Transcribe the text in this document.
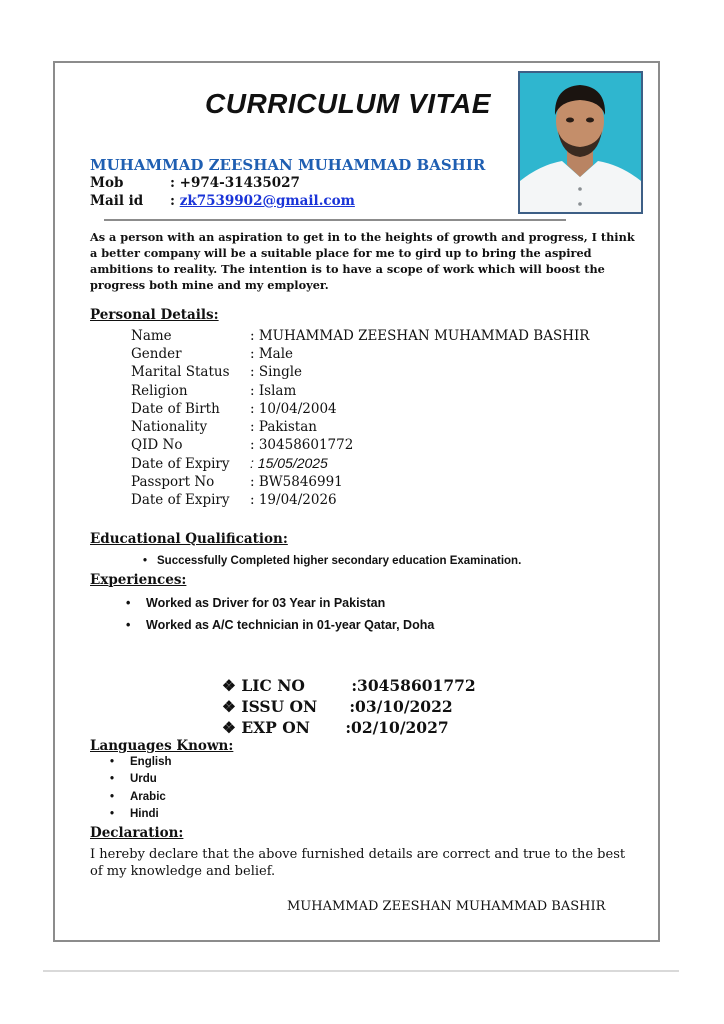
CURRICULUM VITAE
MUHAMMAD ZEESHAN MUHAMMAD BASHIR
Mob	: +974-31435027
Mail id : zk7539902@gmail.com
As a person with an aspiration to get in to the heights of growth and progress, I think a better company will be a suitable place for me to gird up to bring the aspired ambitions to reality. The intention is to have a scope of work which will boost the progress both mine and my employer.
Personal Details:
Name	: MUHAMMAD ZEESHAN MUHAMMAD BASHIR
Gender	: Male
Marital Status : Single
Religion	: Islam
Date of Birth : 10/04/2004
Nationality	: Pakistan
QID No	: 30458601772
Date of Expiry : 15/05/2025
Passport No	: BW5846991
Date of Expiry : 19/04/2026
Educational Qualification:
• Successfully Completed higher secondary education Examination.
Experiences:
• Worked as Driver for 03 Year in Pakistan
• Worked as A/C technician in 01-year Qatar, Doha
❖ LIC NO	:30458601772
❖ ISSU ON :03/10/2022
❖ EXP ON :02/10/2027
Languages Known:
• English
• Urdu
• Arabic
• Hindi
Declaration:
I hereby declare that the above furnished details are correct and true to the best of my knowledge and belief.
MUHAMMAD ZEESHAN MUHAMMAD BASHIR
